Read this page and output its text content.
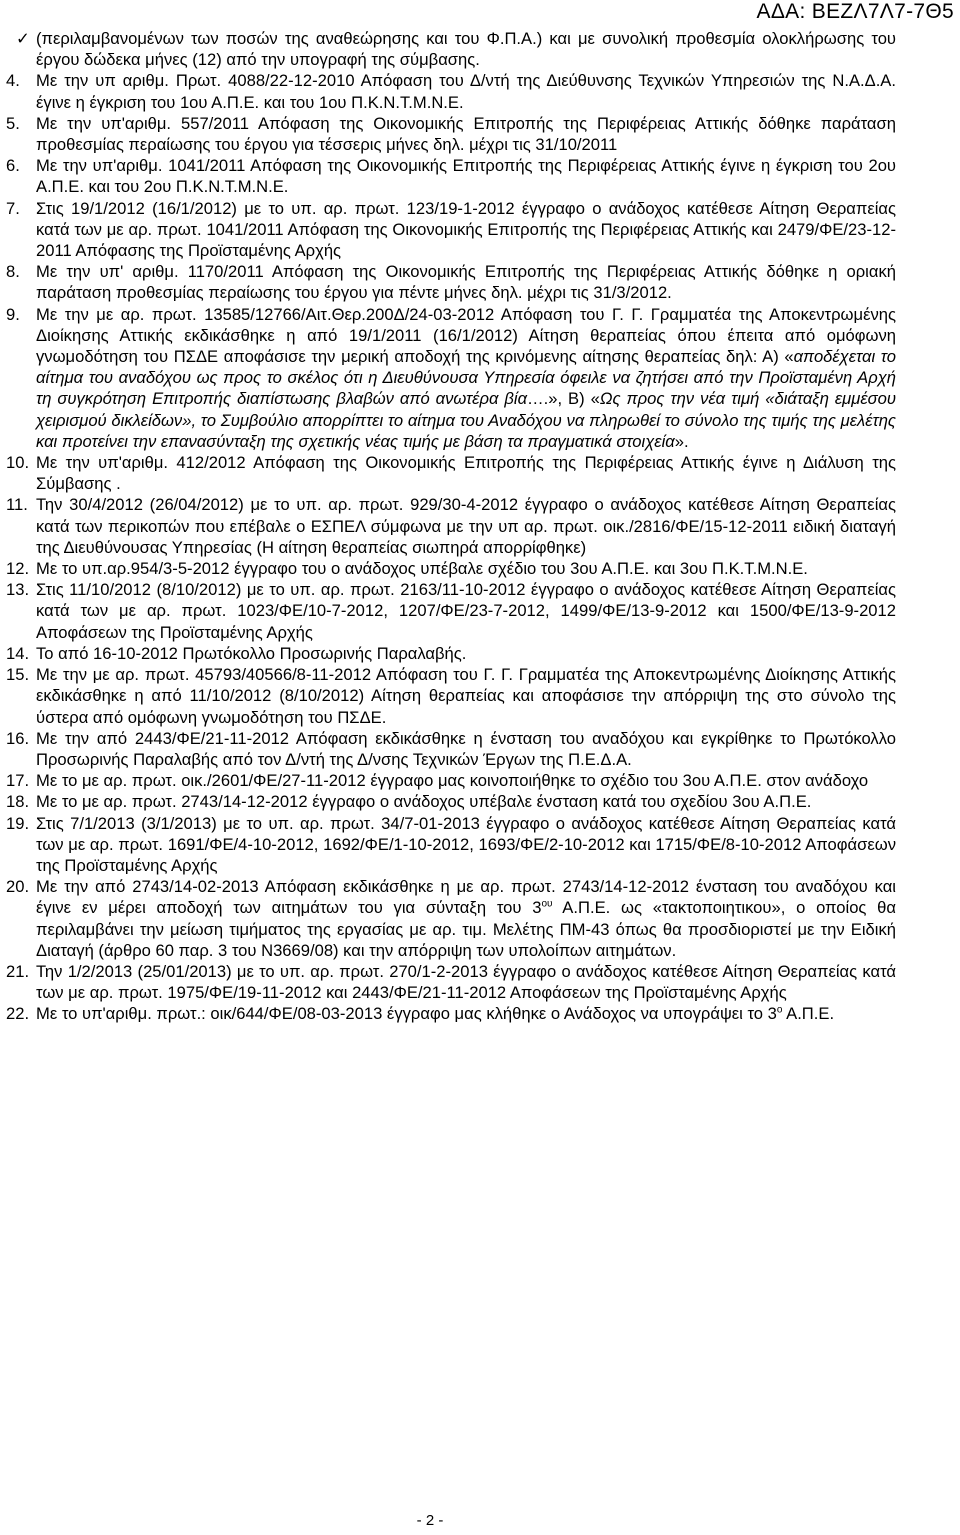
ΑΔΑ: ΒΕΖΛ7Λ7-7Θ5

✓ (περιλαμβανομένων των ποσών της αναθεώρησης και του Φ.Π.Α.) και με συνολική προθεσμία ολοκλήρωσης του έργου δώδεκα μήνες (12) από την υπογραφή της σύμβασης.

4. Με την υπ αριθμ. Πρωτ. 4088/22-12-2010 Απόφαση του Δ/ντή της Διεύθυνσης Τεχνικών Υπηρεσιών της Ν.Α.Δ.Α. έγινε η έγκριση του 1ου Α.Π.Ε. και του 1ου Π.Κ.Ν.Τ.Μ.Ν.Ε.

5. Με την υπ'αριθμ. 557/2011 Απόφαση της Οικονομικής Επιτροπής της Περιφέρειας Αττικής δόθηκε παράταση προθεσμίας περαίωσης του έργου για τέσσερις μήνες δηλ. μέχρι τις 31/10/2011

6. Με την υπ'αριθμ. 1041/2011 Απόφαση της Οικονομικής Επιτροπής της Περιφέρειας Αττικής έγινε η έγκριση του 2ου Α.Π.Ε. και του 2ου Π.Κ.Ν.Τ.Μ.Ν.Ε.

7. Στις 19/1/2012 (16/1/2012) με το υπ. αρ. πρωτ. 123/19-1-2012 έγγραφο ο ανάδοχος κατέθεσε Αίτηση Θεραπείας κατά των με αρ. πρωτ. 1041/2011 Απόφαση της Οικονομικής Επιτροπής της Περιφέρειας Αττικής και 2479/ΦΕ/23-12-2011 Απόφασης της Προϊσταμένης Αρχής

8. Με την υπ' αριθμ. 1170/2011 Απόφαση της Οικονομικής Επιτροπής της Περιφέρειας Αττικής δόθηκε η οριακή παράταση προθεσμίας περαίωσης του έργου για πέντε μήνες δηλ. μέχρι τις 31/3/2012.

9. Με την με αρ. πρωτ. 13585/12766/Αιτ.Θερ.200Δ/24-03-2012 Απόφαση του Γ. Γ. Γραμματέα της Αποκεντρωμένης Διοίκησης Αττικής εκδικάσθηκε η από 19/1/2011 (16/1/2012) Αίτηση θεραπείας όπου έπειτα από ομόφωνη γνωμοδότηση του ΠΣΔΕ αποφάσισε την μερική αποδοχή της κρινόμενης αίτησης θεραπείας δηλ: Α) «αποδέχεται το αίτημα του αναδόχου ως προς το σκέλος ότι η Διευθύνουσα Υπηρεσία όφειλε να ζητήσει από την Προϊσταμένη Αρχή τη συγκρότηση Επιτροπής διαπίστωσης βλαβών από ανωτέρα βία….», Β) «Ως προς την νέα τιμή «διάταξη εμμέσου χειρισμού δικλείδων», το Συμβούλιο απορρίπτει το αίτημα του Αναδόχου να πληρωθεί το σύνολο της τιμής της μελέτης και προτείνει την επανασύνταξη της σχετικής νέας τιμής με βάση τα πραγματικά στοιχεία».

10. Με την υπ'αριθμ. 412/2012 Απόφαση της Οικονομικής Επιτροπής της Περιφέρειας Αττικής έγινε η Διάλυση της Σύμβασης .

11. Την 30/4/2012 (26/04/2012) με το υπ. αρ. πρωτ. 929/30-4-2012 έγγραφο ο ανάδοχος κατέθεσε Αίτηση Θεραπείας κατά των περικοπών που επέβαλε ο ΕΣΠΕΛ σύμφωνα με την υπ αρ. πρωτ. οικ./2816/ΦΕ/15-12-2011 ειδική διαταγή της Διευθύνουσας Υπηρεσίας (Η αίτηση θεραπείας σιωπηρά απορρίφθηκε)

12. Με το υπ.αρ.954/3-5-2012 έγγραφο του ο ανάδοχος υπέβαλε σχέδιο του 3ου Α.Π.Ε. και 3ου Π.Κ.Τ.Μ.Ν.Ε.

13. Στις 11/10/2012 (8/10/2012) με το υπ. αρ. πρωτ. 2163/11-10-2012 έγγραφο ο ανάδοχος κατέθεσε Αίτηση Θεραπείας κατά των με αρ. πρωτ. 1023/ΦΕ/10-7-2012, 1207/ΦΕ/23-7-2012, 1499/ΦΕ/13-9-2012 και 1500/ΦΕ/13-9-2012 Αποφάσεων της Προϊσταμένης Αρχής

14. Το από 16-10-2012 Πρωτόκολλο Προσωρινής Παραλαβής.

15. Με την με αρ. πρωτ. 45793/40566/8-11-2012 Απόφαση του Γ. Γ. Γραμματέα της Αποκεντρωμένης Διοίκησης Αττικής εκδικάσθηκε η από 11/10/2012 (8/10/2012) Αίτηση θεραπείας και αποφάσισε την απόρριψη της στο σύνολο της ύστερα από ομόφωνη γνωμοδότηση του ΠΣΔΕ.

16. Με την από 2443/ΦΕ/21-11-2012 Απόφαση εκδικάσθηκε η ένσταση του αναδόχου και εγκρίθηκε το Πρωτόκολλο Προσωρινής Παραλαβής από τον Δ/ντή της Δ/νσης Τεχνικών Έργων της Π.Ε.Δ.Α.

17. Με το με αρ. πρωτ. οικ./2601/ΦΕ/27-11-2012 έγγραφο μας κοινοποιήθηκε το σχέδιο του 3ου Α.Π.Ε. στον ανάδοχο

18. Με το με αρ. πρωτ. 2743/14-12-2012 έγγραφο ο ανάδοχος υπέβαλε ένσταση κατά του σχεδίου 3ου Α.Π.Ε.

19. Στις 7/1/2013 (3/1/2013) με το υπ. αρ. πρωτ. 34/7-01-2013 έγγραφο ο ανάδοχος κατέθεσε Αίτηση Θεραπείας κατά των με αρ. πρωτ. 1691/ΦΕ/4-10-2012, 1692/ΦΕ/1-10-2012, 1693/ΦΕ/2-10-2012 και 1715/ΦΕ/8-10-2012 Αποφάσεων της Προϊσταμένης Αρχής

20. Με την από 2743/14-02-2013 Απόφαση εκδικάσθηκε η με αρ. πρωτ. 2743/14-12-2012 ένσταση του αναδόχου και έγινε εν μέρει αποδοχή των αιτημάτων του για σύνταξη του $3^{o\upsilon}$ Α.Π.Ε. ως «τακτοποιητικου», ο οποίος θα περιλαμβάνει την μείωση τιμήματος της εργασίας με αρ. τιμ. Μελέτης ΠΜ-43 όπως θα προσδιοριστεί με την Ειδική Διαταγή (άρθρο 60 παρ. 3 του Ν3669/08) και την απόρριψη των υπολοίπων αιτημάτων.

21. Την 1/2/2013 (25/01/2013) με το υπ. αρ. πρωτ. 270/1-2-2013 έγγραφο ο ανάδοχος κατέθεσε Αίτηση Θεραπείας κατά των με αρ. πρωτ. 1975/ΦΕ/19-11-2012 και 2443/ΦΕ/21-11-2012 Αποφάσεων της Προϊσταμένης Αρχής

22. Με το υπ'αριθμ. πρωτ.: οικ/644/ΦΕ/08-03-2013 έγγραφο μας κλήθηκε ο Ανάδοχος να υπογράψει το $3^o$ Α.Π.Ε.

- 2 -
